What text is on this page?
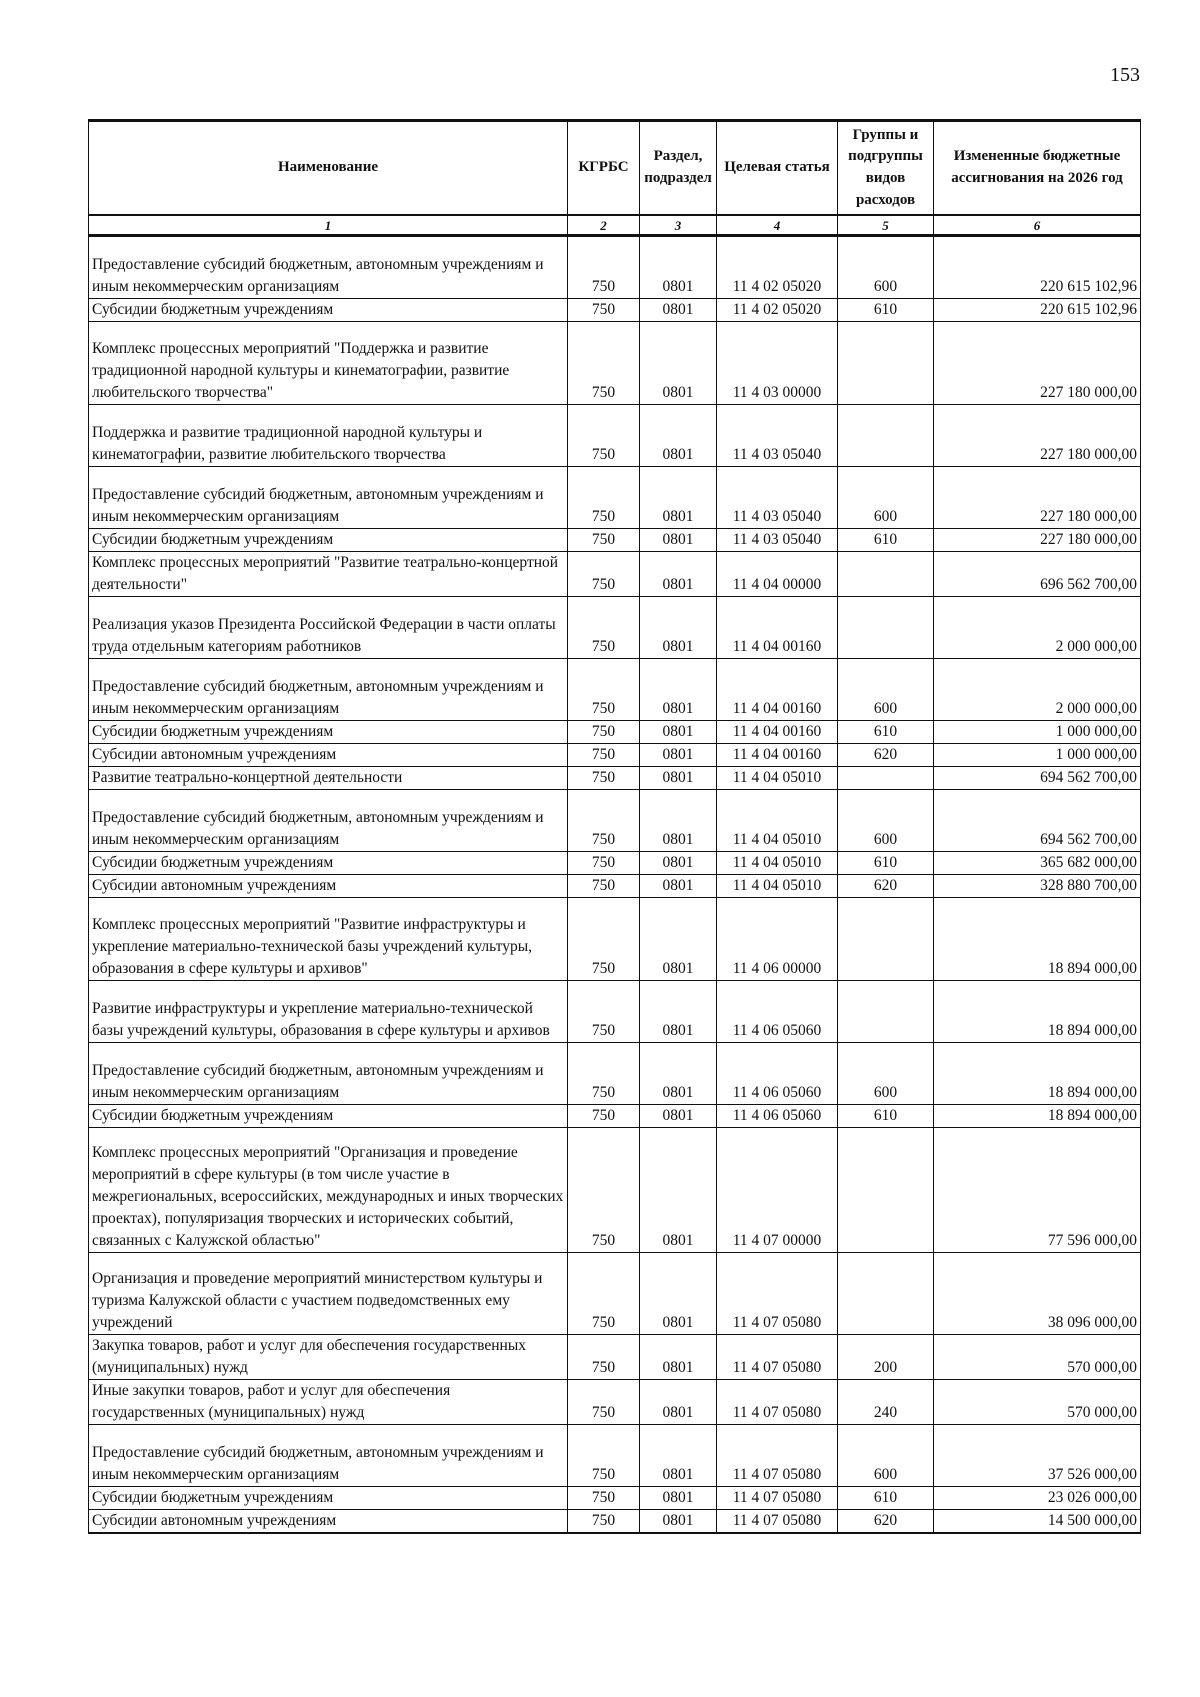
153
Наименование	КГРБС	Раздел, подраздел	Целевая статья	Группы и подгруппы видов расходов	Измененные бюджетные ассигнования на 2026 год
1	2	3	4	5	6
Предоставление субсидий бюджетным, автономным учреждениям и иным некоммерческим организациям	750	0801	11 4 02 05020	600	220 615 102,96
Субсидии бюджетным учреждениям	750	0801	11 4 02 05020	610	220 615 102,96
Комплекс процессных мероприятий "Поддержка и развитие традиционной народной культуры и кинематографии, развитие любительского творчества"	750	0801	11 4 03 00000		227 180 000,00
Поддержка и развитие традиционной народной культуры и кинематографии, развитие любительского творчества	750	0801	11 4 03 05040		227 180 000,00
Предоставление субсидий бюджетным, автономным учреждениям и иным некоммерческим организациям	750	0801	11 4 03 05040	600	227 180 000,00
Субсидии бюджетным учреждениям	750	0801	11 4 03 05040	610	227 180 000,00
Комплекс процессных мероприятий "Развитие театрально-концертной деятельности"	750	0801	11 4 04 00000		696 562 700,00
Реализация указов Президента Российской Федерации в части оплаты труда отдельным категориям работников	750	0801	11 4 04 00160		2 000 000,00
Предоставление субсидий бюджетным, автономным учреждениям и иным некоммерческим организациям	750	0801	11 4 04 00160	600	2 000 000,00
Субсидии бюджетным учреждениям	750	0801	11 4 04 00160	610	1 000 000,00
Субсидии автономным учреждениям	750	0801	11 4 04 00160	620	1 000 000,00
Развитие театрально-концертной деятельности	750	0801	11 4 04 05010		694 562 700,00
Предоставление субсидий бюджетным, автономным учреждениям и иным некоммерческим организациям	750	0801	11 4 04 05010	600	694 562 700,00
Субсидии бюджетным учреждениям	750	0801	11 4 04 05010	610	365 682 000,00
Субсидии автономным учреждениям	750	0801	11 4 04 05010	620	328 880 700,00
Комплекс процессных мероприятий "Развитие инфраструктуры и укрепление материально-технической базы учреждений культуры, образования в сфере культуры и архивов"	750	0801	11 4 06 00000		18 894 000,00
Развитие инфраструктуры и укрепление материально-технической базы учреждений культуры, образования в сфере культуры и архивов	750	0801	11 4 06 05060		18 894 000,00
Предоставление субсидий бюджетным, автономным учреждениям и иным некоммерческим организациям	750	0801	11 4 06 05060	600	18 894 000,00
Субсидии бюджетным учреждениям	750	0801	11 4 06 05060	610	18 894 000,00
Комплекс процессных мероприятий "Организация и проведение мероприятий в сфере культуры (в том числе участие в межрегиональных, всероссийских, международных и иных творческих проектах), популяризация творческих и исторических событий, связанных с Калужской областью"	750	0801	11 4 07 00000		77 596 000,00
Организация и проведение мероприятий министерством культуры и туризма Калужской области с участием подведомственных ему учреждений	750	0801	11 4 07 05080		38 096 000,00
Закупка товаров, работ и услуг для обеспечения государственных (муниципальных) нужд	750	0801	11 4 07 05080	200	570 000,00
Иные закупки товаров, работ и услуг для обеспечения государственных (муниципальных) нужд	750	0801	11 4 07 05080	240	570 000,00
Предоставление субсидий бюджетным, автономным учреждениям и иным некоммерческим организациям	750	0801	11 4 07 05080	600	37 526 000,00
Субсидии бюджетным учреждениям	750	0801	11 4 07 05080	610	23 026 000,00
Субсидии автономным учреждениям	750	0801	11 4 07 05080	620	14 500 000,00
